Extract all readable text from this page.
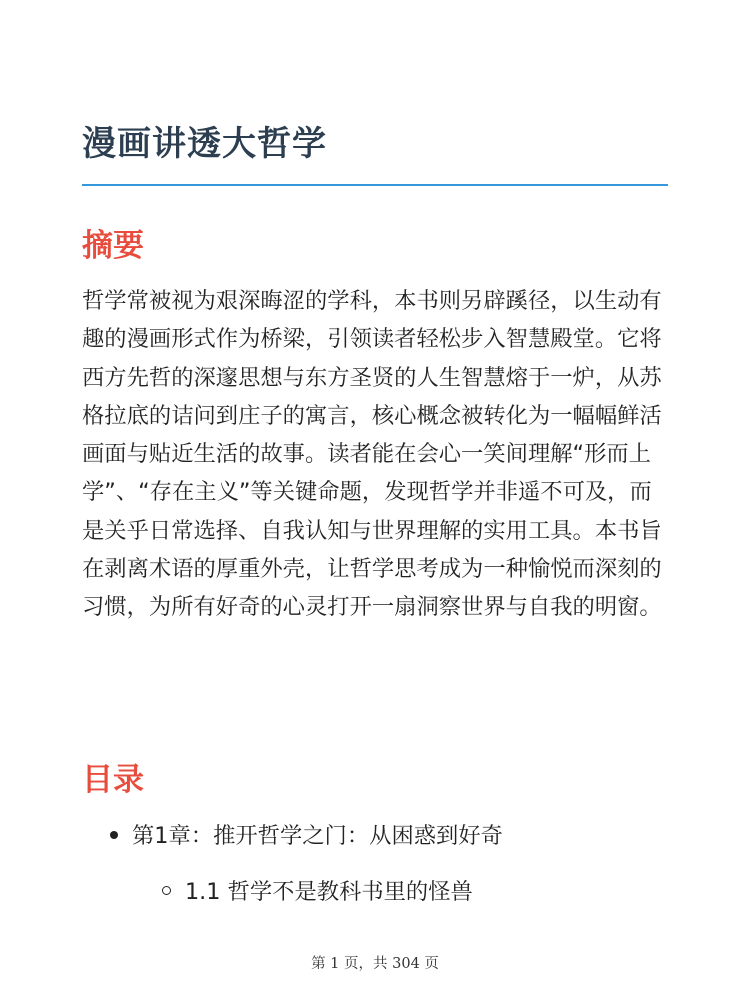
漫画讲透大哲学
摘要

哲学常被视为艰深晦涩的学科，本书则另辟蹊径，以生动有趣的漫画形式作为桥梁，引领读者轻松步入智慧殿堂。它将西方先哲的深邃思想与东方圣贤的人生智慧熔于一炉，从苏格拉底的诘问到庄子的寓言，核心概念被转化为一幅幅鲜活画面与贴近生活的故事。读者能在会心一笑间理解“形而上学”、“存在主义”等关键命题，发现哲学并非遥不可及，而是关乎日常选择、自我认知与世界理解的实用工具。本书旨在剥离术语的厚重外壳，让哲学思考成为一种愉悦而深刻的习惯，为所有好奇的心灵打开一扇洞察世界与自我的明窗。

目录
第1章：推开哲学之门：从困惑到好奇
1.1 哲学不是教科书里的怪兽
第 1 页，共 304 页
